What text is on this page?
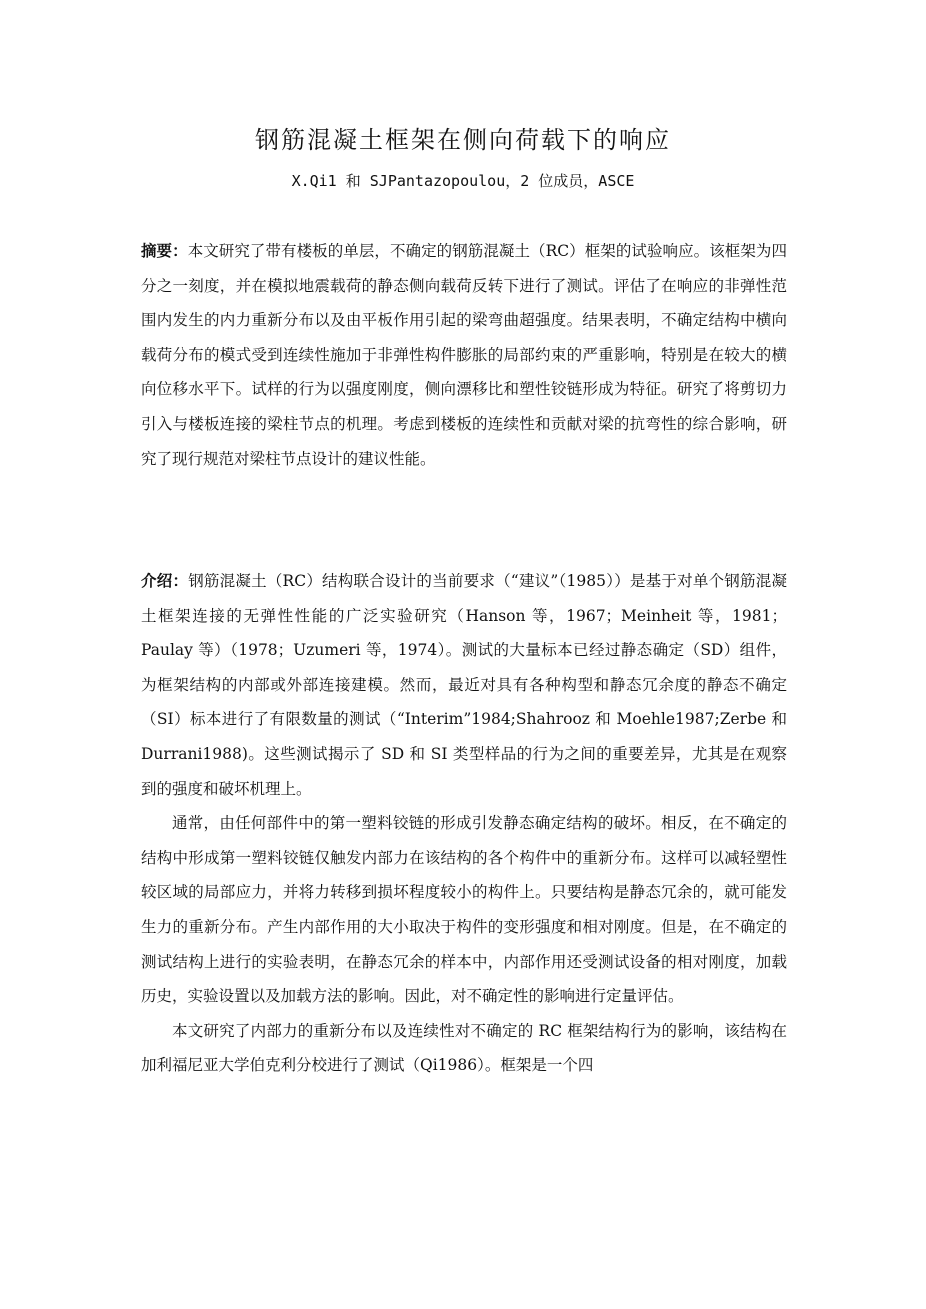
钢筋混凝土框架在侧向荷载下的响应
X.Qi1 和 SJPantazopoulou，2 位成员，ASCE

摘要：本文研究了带有楼板的单层，不确定的钢筋混凝土（RC）框架的试验响应。该框架为四分之一刻度，并在模拟地震载荷的静态侧向载荷反转下进行了测试。评估了在响应的非弹性范围内发生的内力重新分布以及由平板作用引起的梁弯曲超强度。结果表明，不确定结构中横向载荷分布的模式受到连续性施加于非弹性构件膨胀的局部约束的严重影响，特别是在较大的横向位移水平下。试样的行为以强度刚度，侧向漂移比和塑性铰链形成为特征。研究了将剪切力引入与楼板连接的梁柱节点的机理。考虑到楼板的连续性和贡献对梁的抗弯性的综合影响，研究了现行规范对梁柱节点设计的建议性能。

介绍：钢筋混凝土（RC）结构联合设计的当前要求（“建议”（1985））是基于对单个钢筋混凝土框架连接的无弹性性能的广泛实验研究（Hanson 等，1967；Meinheit 等，1981；Paulay 等）（1978；Uzumeri 等，1974）。测试的大量标本已经过静态确定（SD）组件，为框架结构的内部或外部连接建模。然而，最近对具有各种构型和静态冗余度的静态不确定（SI）标本进行了有限数量的测试（“Interim”1984;Shahrooz 和 Moehle1987;Zerbe 和 Durrani1988)。这些测试揭示了 SD 和 SI 类型样品的行为之间的重要差异，尤其是在观察到的强度和破坏机理上。

通常，由任何部件中的第一塑料铰链的形成引发静态确定结构的破坏。相反，在不确定的结构中形成第一塑料铰链仅触发内部力在该结构的各个构件中的重新分布。这样可以减轻塑性较区域的局部应力，并将力转移到损坏程度较小的构件上。只要结构是静态冗余的，就可能发生力的重新分布。产生内部作用的大小取决于构件的变形强度和相对刚度。但是，在不确定的测试结构上进行的实验表明，在静态冗余的样本中，内部作用还受测试设备的相对刚度，加载历史，实验设置以及加载方法的影响。因此，对不确定性的影响进行定量评估。

本文研究了内部力的重新分布以及连续性对不确定的 RC 框架结构行为的影响，该结构在加利福尼亚大学伯克利分校进行了测试（Qi1986）。框架是一个四
